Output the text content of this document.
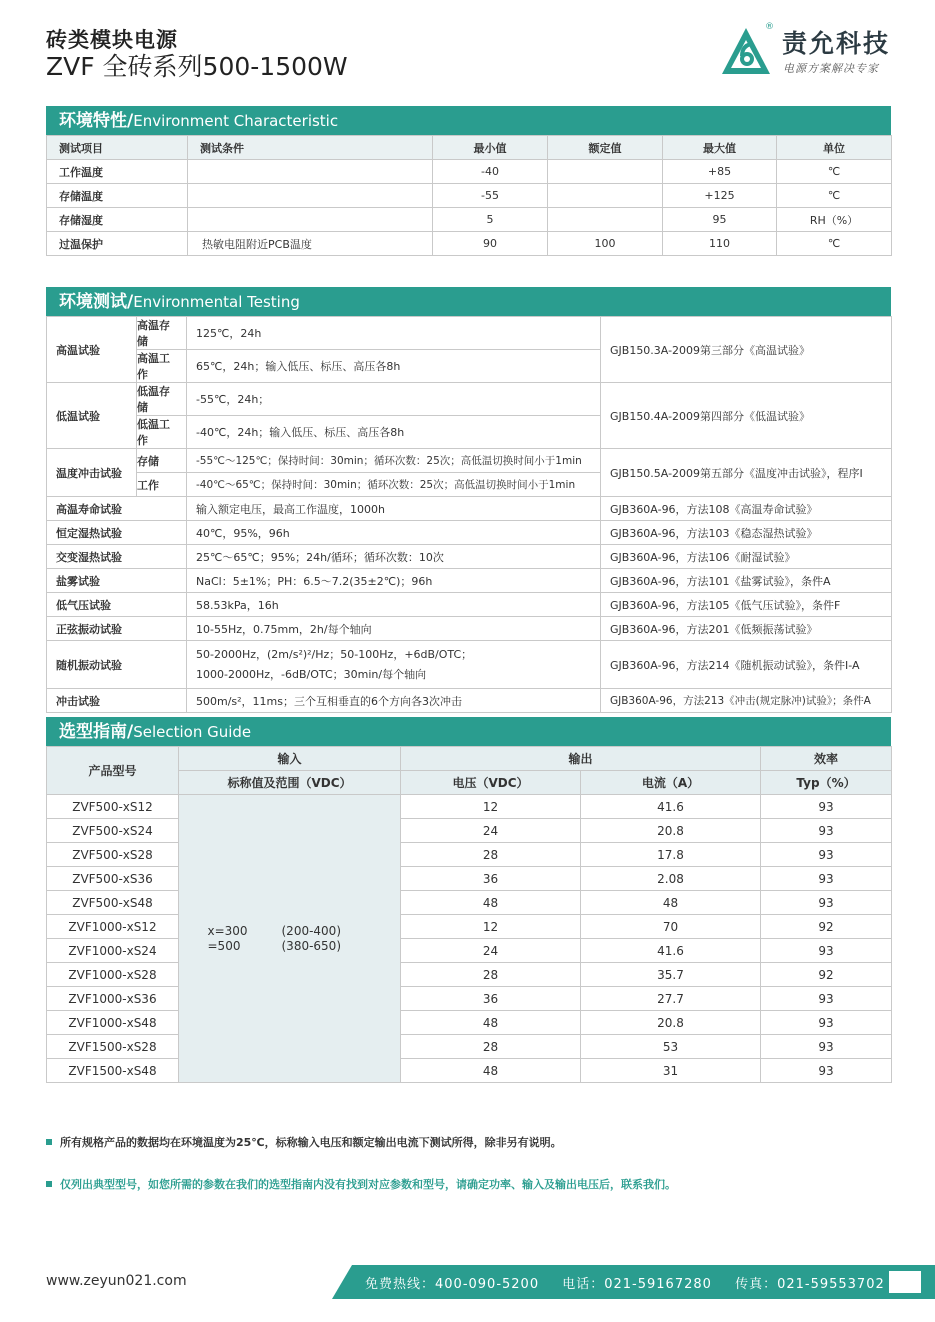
砖类模块电源
ZVF 全砖系列500-1500W
®
责允科技
电源方案解决专家
环境特性/Environment Characteristic
测试项目	测试条件	最小值	额定值	最大值	单位
工作温度		-40		+85	℃
存储温度		-55		+125	℃
存储湿度		5		95	RH（%）
过温保护	热敏电阻附近PCB温度	90	100	110	℃
环境测试/Environmental Testing
高温试验	高温存储	125℃，24h	GJB150.3A-2009第三部分《高温试验》
	高温工作	65℃，24h；输入低压、标压、高压各8h	
低温试验	低温存储	-55℃，24h；	GJB150.4A-2009第四部分《低温试验》
	低温工作	-40℃，24h；输入低压、标压、高压各8h	
温度冲击试验	存储	-55℃～125℃；保持时间：30min；循环次数：25次；高低温切换时间小于1min	GJB150.5A-2009第五部分《温度冲击试验》，程序Ⅰ
	工作	-40℃～65℃；保持时间：30min；循环次数：25次；高低温切换时间小于1min	
高温寿命试验		输入额定电压，最高工作温度，1000h	GJB360A-96，方法108《高温寿命试验》
恒定湿热试验		40℃，95%，96h	GJB360A-96，方法103《稳态湿热试验》
交变湿热试验		25℃～65℃；95%；24h/循环；循环次数：10次	GJB360A-96，方法106《耐湿试验》
盐雾试验		NaCl：5±1%；PH：6.5～7.2(35±2℃)；96h	GJB360A-96，方法101《盐雾试验》，条件A
低气压试验		58.53kPa，16h	GJB360A-96，方法105《低气压试验》，条件F
正弦振动试验		10-55Hz，0.75mm，2h/每个轴向	GJB360A-96，方法201《低频振荡试验》
随机振动试验		50-2000Hz，(2m/s²)²/Hz；50-100Hz，+6dB/OTC；
1000-2000Hz，-6dB/OTC；30min/每个轴向	GJB360A-96，方法214《随机振动试验》，条件I-A
冲击试验		500m/s²，11ms；三个互相垂直的6个方向各3次冲击	GJB360A-96，方法213《冲击(规定脉冲)试验》；条件A
选型指南/Selection Guide
产品型号	输入	输出		效率
	标称值及范围（VDC）	电压（VDC）	电流（A）	Typ（%）
ZVF500-xS12	x=300 (200-400)
=500 (380-650)	12	41.6	93
ZVF500-xS24		24	20.8	93
ZVF500-xS28		28	17.8	93
ZVF500-xS36		36	2.08	93
ZVF500-xS48		48	48	93
ZVF1000-xS12		12	70	92
ZVF1000-xS24		24	41.6	93
ZVF1000-xS28		28	35.7	92
ZVF1000-xS36		36	27.7	93
ZVF1000-xS48		48	20.8	93
ZVF1500-xS28		28	53	93
ZVF1500-xS48		48	31	93
所有规格产品的数据均在环境温度为25℃，标称输入电压和额定输出电流下测试所得，除非另有说明。
仅列出典型型号，如您所需的参数在我们的选型指南内没有找到对应参数和型号，请确定功率、输入及输出电压后，联系我们。
www.zeyun021.com	免费热线：400-090-5200 电话：021-59167280 传真：021-59553702
